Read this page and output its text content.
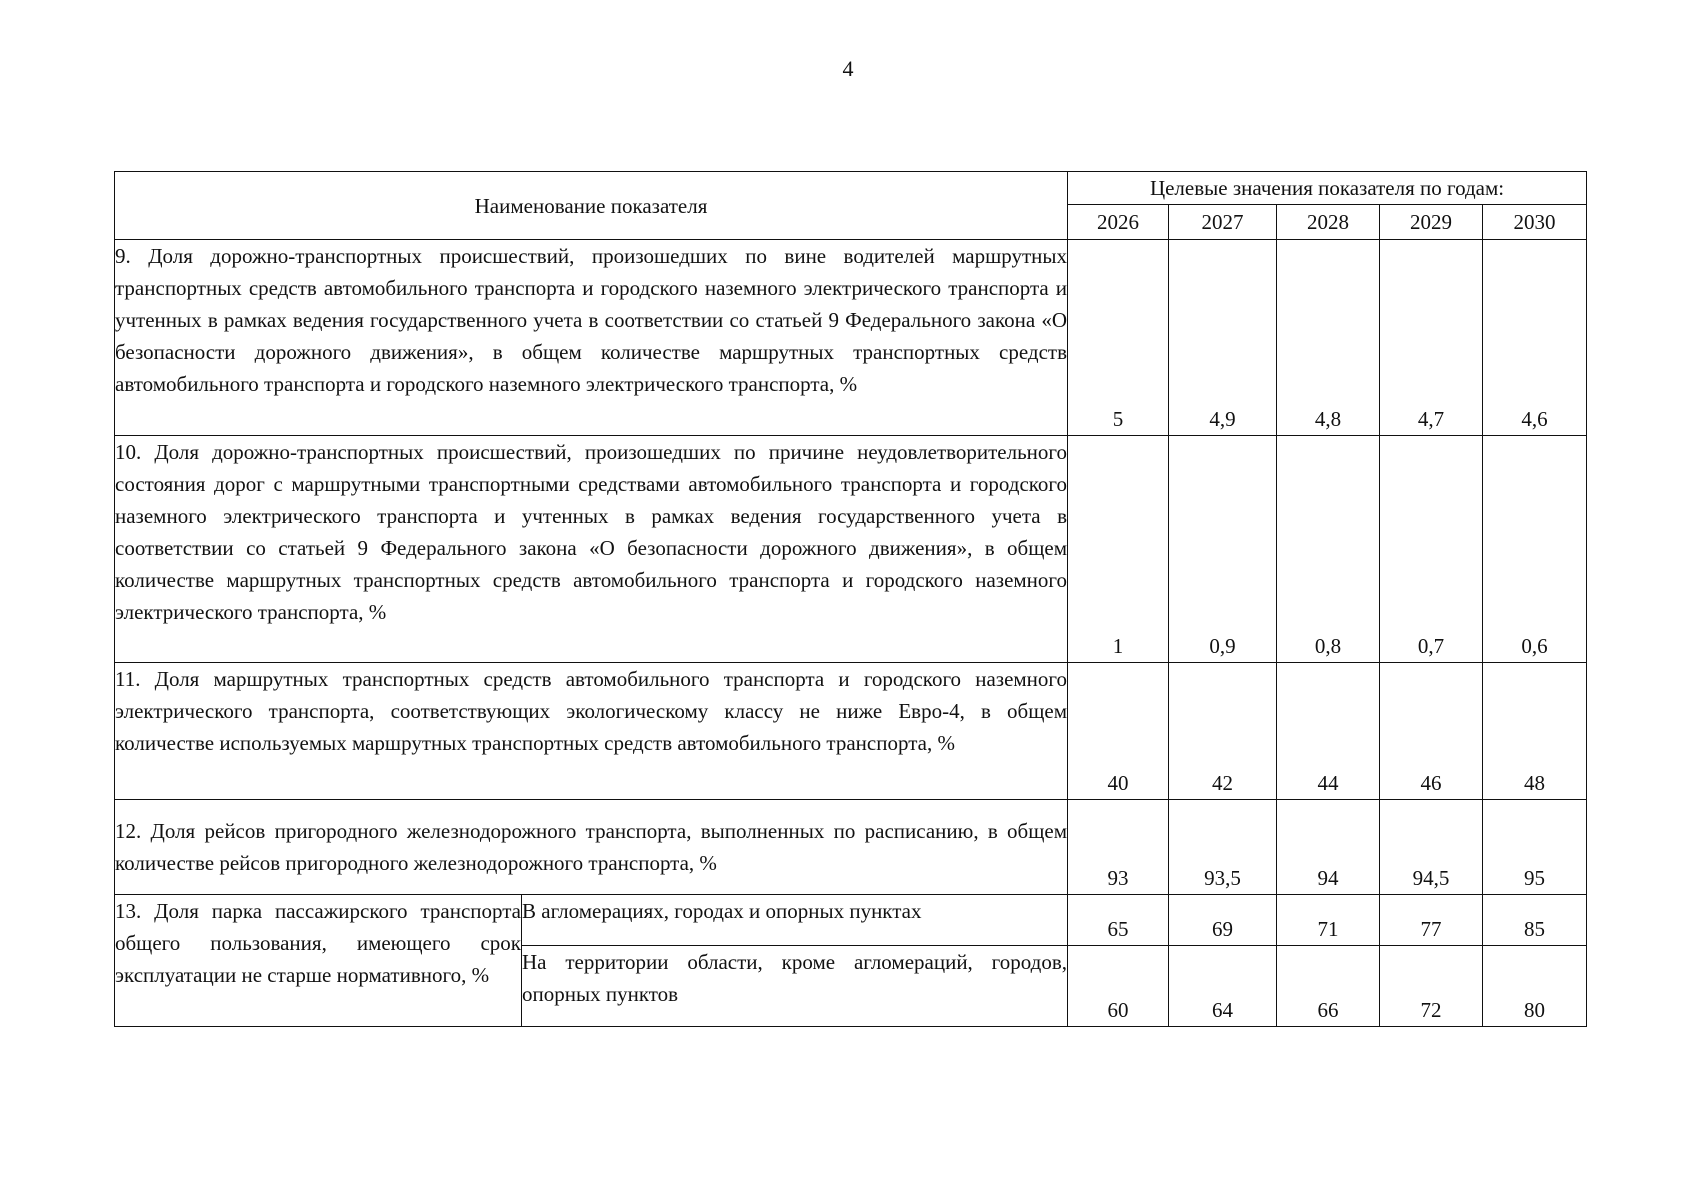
4
Наименование показателя		Целевые значения показателя по годам:				
		2026	2027	2028	2029	2030
9. Доля дорожно-транспортных происшествий, произошедших по вине водителей маршрутных транспортных средств автомобильного транспорта и городского наземного электрического транспорта и учтенных в рамках ведения государственного учета в соответствии со статьей 9 Федерального закона «О безопасности дорожного движения», в общем количестве маршрутных транспортных средств автомобильного транспорта и городского наземного электрического транспорта, %		5	4,9	4,8	4,7	4,6
10. Доля дорожно-транспортных происшествий, произошедших по причине неудовлетворительного состояния дорог с маршрутными транспортными средствами автомобильного транспорта и городского наземного электрического транспорта и учтенных в рамках ведения государственного учета в соответствии со статьей 9 Федерального закона «О безопасности дорожного движения», в общем количестве маршрутных транспортных средств автомобильного транспорта и городского наземного электрического транспорта, %		1	0,9	0,8	0,7	0,6
11. Доля маршрутных транспортных средств автомобильного транспорта и городского наземного электрического транспорта, соответствующих экологическому классу не ниже Евро-4, в общем количестве используемых маршрутных транспортных средств автомобильного транспорта, %		40	42	44	46	48
12. Доля рейсов пригородного железнодорожного транспорта, выполненных по расписанию, в общем количестве рейсов пригородного железнодорожного транспорта, %		93	93,5	94	94,5	95
13. Доля парка пассажирского транспорта общего пользования, имеющего срок эксплуатации не старше нормативного, %	В агломерациях, городах и опорных пунктах	65	69	71	77	85
	На территории области, кроме агломераций, городов, опорных пунктов	60	64	66	72	80
